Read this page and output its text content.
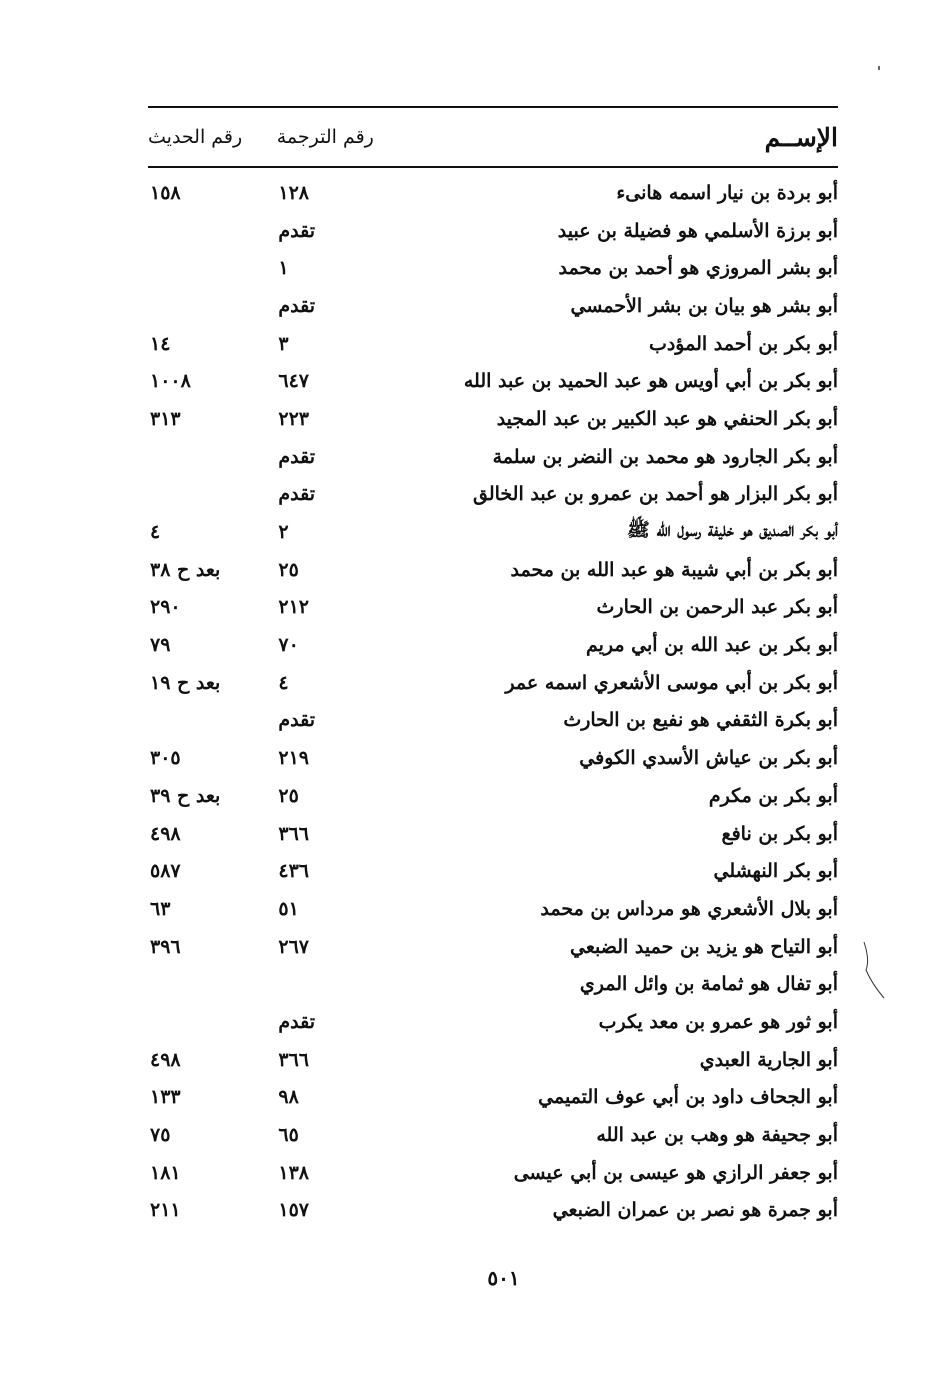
الإســم
رقم الترجمة
رقم الحديث
أبو بردة بن نيار اسمه هانىء
١٢٨
١٥٨
أبو برزة الأسلمي هو فضيلة بن عبيد
تقدم
أبو بشر المروزي هو أحمد بن محمد
١
أبو بشر هو بيان بن بشر الأحمسي
تقدم
أبو بكر بن أحمد المؤدب
٣
١٤
أبو بكر بن أبي أويس هو عبد الحميد بن عبد الله
٦٤٧
١٠٠٨
أبو بكر الحنفي هو عبد الكبير بن عبد المجيد
٢٢٣
٣١٣
أبو بكر الجارود هو محمد بن النضر بن سلمة
تقدم
أبو بكر البزار هو أحمد بن عمرو بن عبد الخالق
تقدم
أبو بكر الصديق هو خليفة رسول الله ﷺ
٢
٤
أبو بكر بن أبي شيبة هو عبد الله بن محمد
٢٥
بعد ح ٣٨
أبو بكر عبد الرحمن بن الحارث
٢١٢
٢٩٠
أبو بكر بن عبد الله بن أبي مريم
٧٠
٧٩
أبو بكر بن أبي موسى الأشعري اسمه عمر
٤
بعد ح ١٩
أبو بكرة الثقفي هو نفيع بن الحارث
تقدم
أبو بكر بن عياش الأسدي الكوفي
٢١٩
٣٠٥
أبو بكر بن مكرم
٢٥
بعد ح ٣٩
أبو بكر بن نافع
٣٦٦
٤٩٨
أبو بكر النهشلي
٤٣٦
٥٨٧
أبو بلال الأشعري هو مرداس بن محمد
٥١
٦٣
أبو التياح هو يزيد بن حميد الضبعي
٢٦٧
٣٩٦
أبو تفال هو ثمامة بن وائل المري
أبو ثور هو عمرو بن معد يكرب
تقدم
أبو الجارية العبدي
٣٦٦
٤٩٨
أبو الجحاف داود بن أبي عوف التميمي
٩٨
١٣٣
أبو جحيفة هو وهب بن عبد الله
٦٥
٧٥
أبو جعفر الرازي هو عيسى بن أبي عيسى
١٣٨
١٨١
أبو جمرة هو نصر بن عمران الضبعي
١٥٧
٢١١
٥٠١
